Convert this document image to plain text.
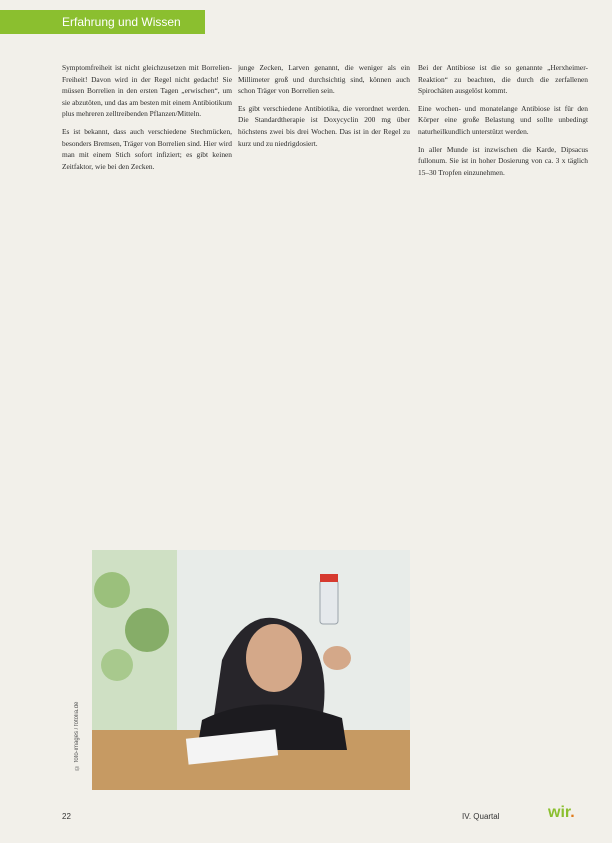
Erfahrung und Wissen

Symptomfreiheit ist nicht gleichzusetzen mit Borrelien-Freiheit! Davon wird in der Regel nicht gedacht! Sie müssen Borrelien in den ersten Tagen „erwischen“, um sie abzutöten, und das am besten mit einem Antibiotikum plus mehreren zelltreibenden Pflanzen/Mitteln.

Es ist bekannt, dass auch verschiedene Stechmücken, besonders Bremsen, Träger von Borrelien sind. Hier wird man mit einem Stich sofort infiziert; es gibt keinen Zeitfaktor, wie bei den Zecken.

junge Zecken, Larven genannt, die weniger als ein Millimeter groß und durchsichtig sind, können auch schon Träger von Borrelien sein.

Es gibt verschiedene Antibiotika, die verordnet werden. Die Standardtherapie ist Doxycyclin 200 mg über höchstens zwei bis drei Wochen. Das ist in der Regel zu kurz und zu niedrigdosiert.

Bei der Antibiose ist die so genannte „Herxheimer-Reaktion“ zu beachten, die durch die zerfallenen Spirochäten ausgelöst kommt.

Eine wochen- und monatelange Antibiose ist für den Körper eine große Belastung und sollte unbedingt naturheilkundlich unterstützt werden.

In aller Munde ist inzwischen die Karde, Dipsacus fullonum. Sie ist in hoher Dosierung von ca. 3 x täglich 15–30 Tropfen einzunehmen.

© foto-images / fotolia.de
22	IV. Quartal	wir.
